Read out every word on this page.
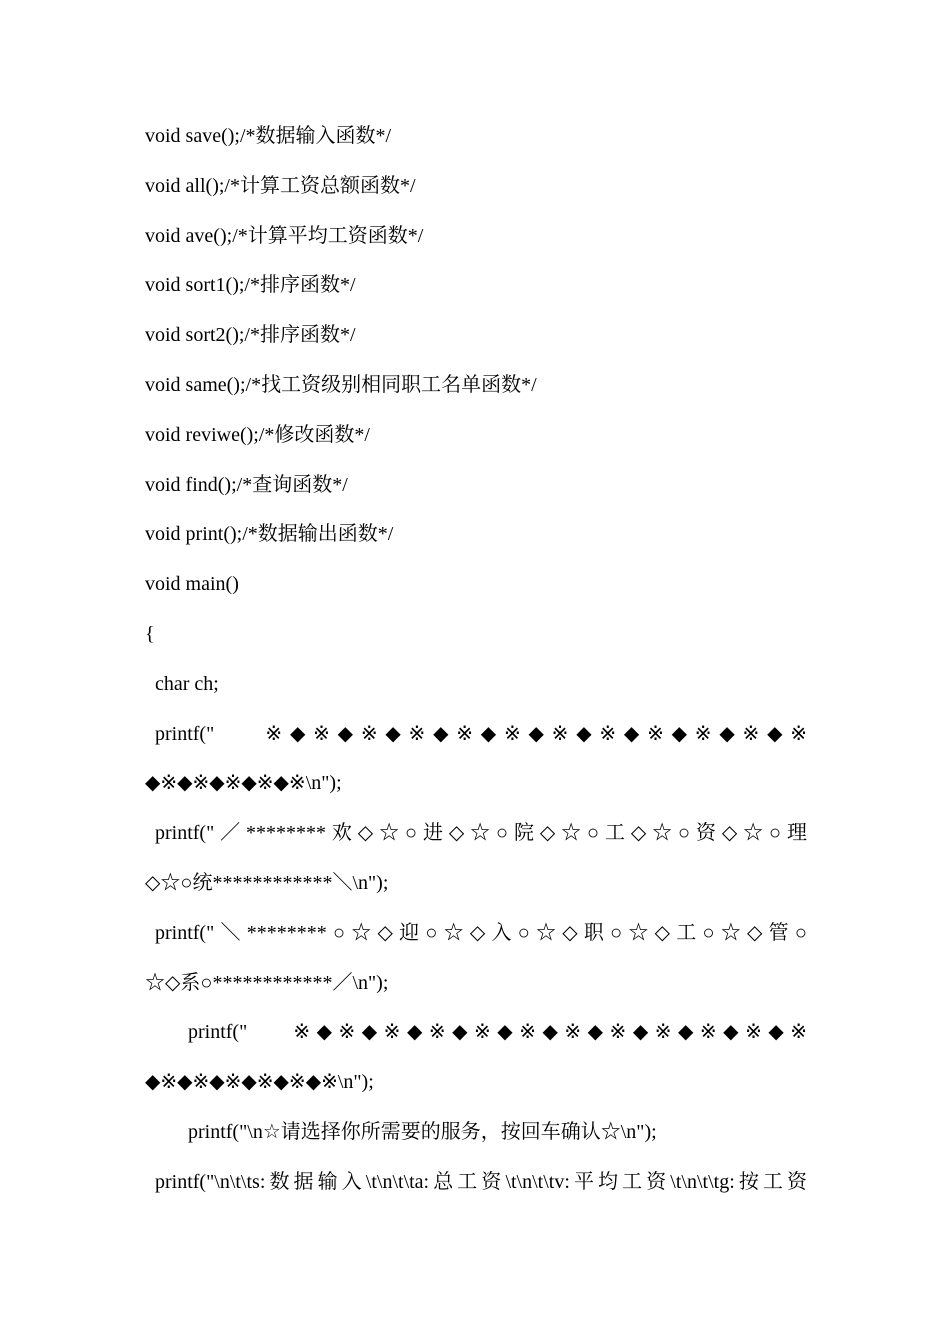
void save();/*数据输入函数*/
void all();/*计算工资总额函数*/
void ave();/*计算平均工资函数*/
void sort1();/*排序函数*/
void sort2();/*排序函数*/
void same();/*找工资级别相同职工名单函数*/
void reviwe();/*修改函数*/
void find();/*查询函数*/
void print();/*数据输出函数*/
void main()
{
char ch;
printf("    ※◆※◆※◆※◆※◆※◆※◆※◆※◆※◆※◆※
◆※◆※◆※◆※◆※\n");
printf("／********欢◇☆○进◇☆○院◇☆○工◇☆○资◇☆○理
◇☆○统************＼\n");
printf("＼********○☆◇迎○☆◇入○☆◇职○☆◇工○☆◇管○
☆◇系○************／\n");
printf("    ※◆※◆※◆※◆※◆※◆※◆※◆※◆※◆※◆※
◆※◆※◆※◆※◆※◆※\n");
printf("\n☆请选择你所需要的服务，按回车确认☆\n");
printf("\n\t\ts:数据输入\t\n\t\ta:总工资\t\n\t\tv:平均工资\t\n\t\tg:按工资
